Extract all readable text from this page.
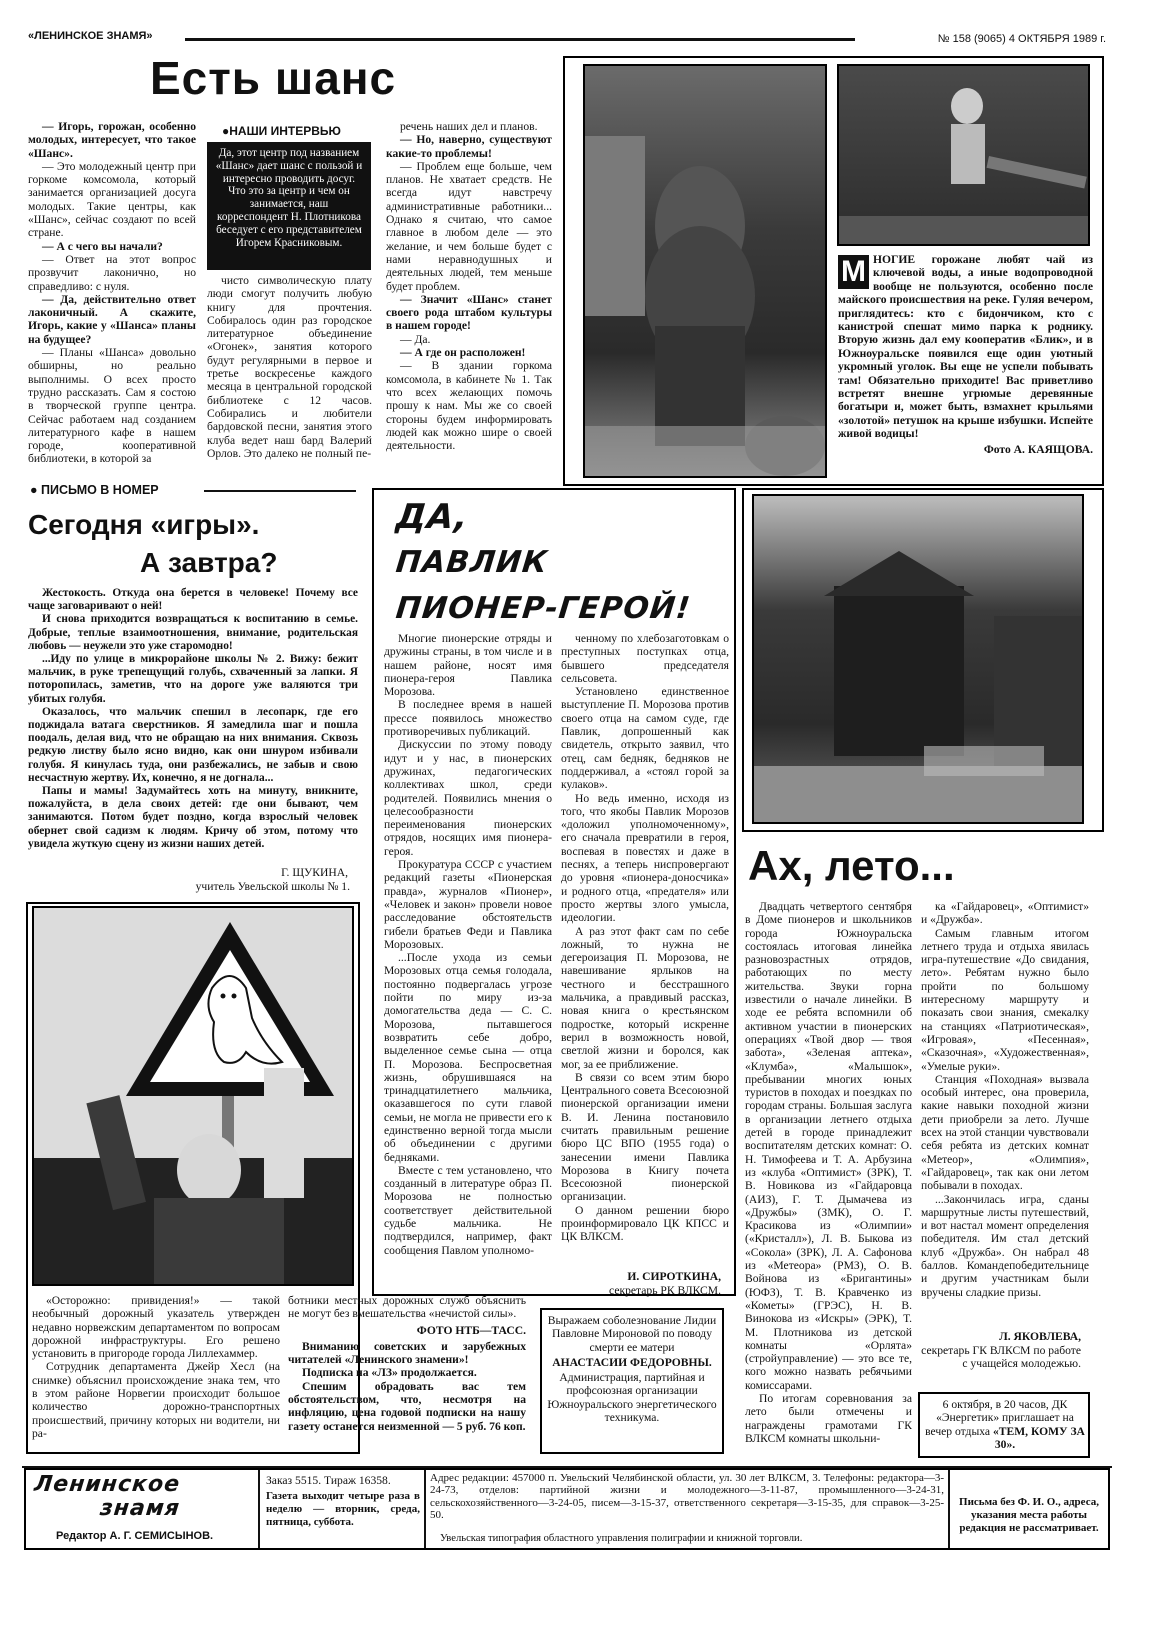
«ЛЕНИНСКОЕ ЗНАМЯ»	№ 158 (9065) 4 ОКТЯБРЯ 1989 г.
Есть шанс
●НАШИ ИНТЕРВЬЮ
Да, этот центр под названием «Шанс» дает шанс с пользой и интересно проводить досуг. Что это за центр и чем он занимается, наш корреспондент Н. Плотникова беседует с его представителем Игорем Красниковым.

— Игорь, горожан, особенно молодых, интересует, что такое «Шанс».

— Это молодежный центр при горкоме комсомола, который занимается организацией досуга молодых. Такие центры, как «Шанс», сейчас создают по всей стране.

— А с чего вы начали?

— Ответ на этот вопрос прозвучит лаконично, но справедливо: с нуля.

— Да, действительно ответ лаконичный. А скажите, Игорь, какие у «Шанса» планы на будущее?

— Планы «Шанса» довольно обширны, но реально выполнимы. О всех просто трудно рассказать. Сам я состою в творческой группе центра. Сейчас работаем над созданием литературного кафе в нашем городе, кооперативной библиотеки, в которой за

чисто символическую плату люди смогут получить любую книгу для прочтения. Собиралось один раз городское литературное объединение «Огонек», занятия которого будут регулярными в первое и третье воскресенье каждого месяца в центральной городской библиотеке с 12 часов. Собирались и любители бардовской песни, занятия этого клуба ведет наш бард Валерий Орлов. Это далеко не полный пе-

речень наших дел и планов.

— Но, наверно, существуют какие-то проблемы!

— Проблем еще больше, чем планов. Не хватает средств. Не всегда идут навстречу административные работники... Однако я считаю, что самое главное в любом деле — это желание, и чем больше будет с нами неравнодушных и деятельных людей, тем меньше будет проблем.

— Значит «Шанс» станет своего рода штабом культуры в нашем городе!

— Да.

— А где он расположен!

— В здании горкома комсомола, в кабинете № 1. Так что всех желающих помочь прошу к нам. Мы же со своей стороны будем информировать людей как можно шире о своей деятельности.

М НОГИЕ горожане любят чай из ключевой воды, а иные водопроводной вообще не пользуются, особенно после майского происшествия на реке. Гуляя вечером, приглядитесь: кто с бидончиком, кто с канистрой спешат мимо парка к роднику. Вторую жизнь дал ему кооператив «Блик», и в Южноуральске появился еще один уютный укромный уголок. Вы еще не успели побывать там! Обязательно приходите! Вас приветливо встретят внешне угрюмые деревянные богатыри и, может быть, взмахнет крыльями «золотой» петушок на крыше избушки. Испейте живой водицы!
Фото А. КАЯЩОВА.
● ПИСЬМО В НОМЕР
Сегодня «игры».
А завтра?

Жестокость. Откуда она берется в человеке! Почему все чаще заговаривают о ней!

И снова приходится возвращаться к воспитанию в семье. Добрые, теплые взаимоотношения, внимание, родительская любовь — неужели это уже старомодно!

...Иду по улице в микрорайоне школы № 2. Вижу: бежит мальчик, в руке трепещущий голубь, схваченный за лапки. Я поторопилась, заметив, что на дороге уже валяются три убитых голубя.

Оказалось, что мальчик спешил в лесопарк, где его поджидала ватага сверстников. Я замедлила шаг и пошла поодаль, делая вид, что не обращаю на них внимания. Сквозь редкую листву было ясно видно, как они шнуром избивали голубя. Я кинулась туда, они разбежались, не забыв и свою несчастную жертву. Их, конечно, я не догнала...

Папы и мамы! Задумайтесь хоть на минуту, вникните, пожалуйста, в дела своих детей: где они бывают, чем занимаются. Потом будет поздно, когда взрослый человек обернет свой садизм к людям. Кричу об этом, потому что увидела жуткую сцену из жизни наших детей.

Г. ЩУКИНА,
учитель Увельской школы № 1.
ДА,
ПАВЛИК
ПИОНЕР-ГЕРОЙ!

Многие пионерские отряды и дружины страны, в том числе и в нашем районе, носят имя пионера-героя Павлика Морозова.

В последнее время в нашей прессе появилось множество противоречивых публикаций.

Дискуссии по этому поводу идут и у нас, в пионерских дружинах, педагогических коллективах школ, среди родителей. Появились мнения о целесообразности переименования пионерских отрядов, носящих имя пионера-героя.

Прокуратура СССР с участием редакций газеты «Пионерская правда», журналов «Пионер», «Человек и закон» провели новое расследование обстоятельств гибели братьев Феди и Павлика Морозовых.

...После ухода из семьи Морозовых отца семья голодала, постоянно подвергалась угрозе пойти по миру из-за домогательства деда — С. С. Морозова, пытавшегося возвратить себе добро, выделенное семье сына — отца П. Морозова. Беспросветная жизнь, обрушившаяся на тринадцатилетнего мальчика, оказавшегося по сути главой семьи, не могла не привести его к единственно верной тогда мысли об объединении с другими бедняками.

Вместе с тем установлено, что созданный в литературе образ П. Морозова не полностью соответствует действительной судьбе мальчика. Не подтвердился, например, факт сообщения Павлом уполномо-

ченному по хлебозаготовкам о преступных поступках отца, бывшего председателя сельсовета.

Установлено единственное выступление П. Морозова против своего отца на самом суде, где Павлик, допрошенный как свидетель, открыто заявил, что отец, сам бедняк, бедняков не поддерживал, а «стоял горой за кулаков».

Но ведь именно, исходя из того, что якобы Павлик Морозов «доложил уполномоченному», его сначала превратили в героя, воспевая в повестях и даже в песнях, а теперь ниспровергают до уровня «пионера-доносчика» и родного отца, «предателя» или просто жертвы злого умысла, идеологии.

А раз этот факт сам по себе ложный, то нужна не дегероизация П. Морозова, не навешивание ярлыков на честного и бесстрашного мальчика, а правдивый рассказ, новая книга о крестьянском подростке, который искренне верил в возможность новой, светлой жизни и боролся, как мог, за ее приближение.

В связи со всем этим бюро Центрального совета Всесоюзной пионерской организации имени В. И. Ленина постановило считать правильным решение бюро ЦС ВПО (1955 года) о занесении имени Павлика Морозова в Книгу почета Всесоюзной пионерской организации.

О данном решении бюро проинформировало ЦК КПСС и ЦК ВЛКСМ.

И. СИРОТКИНА,
секретарь РК ВЛКСМ.
Ах, лето...

Двадцать четвертого сентября в Доме пионеров и школьников города Южноуральска состоялась итоговая линейка разновозрастных отрядов, работающих по месту жительства. Звуки горна известили о начале линейки. В ходе ее ребята вспомнили об активном участии в пионерских операциях «Твой двор — твоя забота», «Зеленая аптека», «Клумба», «Малышок», пребывании многих юных туристов в походах и поездках по городам страны. Большая заслуга в организации летнего отдыха детей в городе принадлежит воспитателям детских комнат: О. Н. Тимофеева и Т. А. Арбузина из «клуба «Оптимист» (ЗРК), Т. В. Новикова из «Гайдаровца (АИЗ), Г. Т. Дымачева из «Дружбы» (ЗМК), О. Г. Красикова из «Олимпии» («Кристалл»), Л. В. Быкова из «Сокола» (ЗРК), Л. А. Сафонова из «Метеора» (РМЗ), О. В. Войнова из «Бригантины» (ЮФЗ), Т. В. Кравченко из «Кометы» (ГРЭС), Н. В. Винокова из «Искры» (ЭРК), Т. М. Плотникова из детской комнаты «Орлята» (стройуправление) — это все те, кого можно назвать ребячьими комиссарами.

По итогам соревнования за лето были отмечены и награждены грамотами ГК ВЛКСМ комнаты школьни-

ка «Гайдаровец», «Оптимист» и «Дружба».

Самым главным итогом летнего труда и отдыха явилась игра-путешествие «До свидания, лето». Ребятам нужно было пройти по большому интересному маршруту и показать свои знания, смекалку на станциях «Патриотическая», «Игровая», «Песенная», «Сказочная», «Художественная», «Умелые руки».

Станция «Походная» вызвала особый интерес, она проверила, какие навыки походной жизни дети приобрели за лето. Лучше всех на этой станции чувствовали себя ребята из детских комнат «Метеор», «Олимпия», «Гайдаровец», так как они летом побывали в походах.

...Закончилась игра, сданы маршрутные листы путешествий, и вот настал момент определения победителя. Им стал детский клуб «Дружба». Он набрал 48 баллов. Командепобедительнице и другим участникам были вручены сладкие призы.

Л. ЯКОВЛЕВА,
секретарь ГК ВЛКСМ по работе с учащейся молодежью.
6 октября, в 20 часов, ДК «Энергетик» приглашает на вечер отдыха «ТЕМ, КОМУ ЗА 30».

«Осторожно: привидения!» — такой необычный дорожный указатель утвержден недавно норвежским департаментом по вопросам дорожной инфраструктуры. Его решено установить в пригороде города Лиллехаммер.

Сотрудник департамента Джейр Хесл (на снимке) объяснил происхождение знака тем, что в этом районе Норвегии происходит большое количество дорожно-транспортных происшествий, причину которых ни водители, ни ра-

ботники местных дорожных служб объяснить не могут без вмешательства «нечистой силы».

ФОТО НТБ—ТАСС.

Вниманию советских и зарубежных читателей «Ленинского знамени»!

Подписка на «ЛЗ» продолжается.

Спешим обрадовать вас тем обстоятельством, что, несмотря на инфляцию, цена годовой подписки на нашу газету останется неизменной — 5 руб. 76 коп.

Выражаем соболезнование Лидии Павловне Мироновой по поводу смерти ее матери
АНАСТАСИИ ФЕДОРОВНЫ.
Администрация, партийная и профсоюзная организации Южноуральского энергетического техникума.
Ленинское
знамя
Редактор А. Г. СЕМИСЫНОВ.
Заказ 5515. Тираж 16358.
Газета выходит четыре раза в неделю — вторник, среда, пятница, суббота.
Адрес редакции: 457000 п. Увельский Челябинской области, ул. 30 лет ВЛКСМ, 3. Телефоны: редактора—3-24-73, отделов: партийной жизни и молодежного—3-11-87, промышленного—3-24-31, сельскохозяйственного—3-24-05, писем—3-15-37, ответственного секретаря—3-15-35, для справок—3-25-50.
Увельская типография областного управления полиграфии и книжной торговли.
Письма без Ф. И. О., адреса, указания места работы редакция не рассматривает.
